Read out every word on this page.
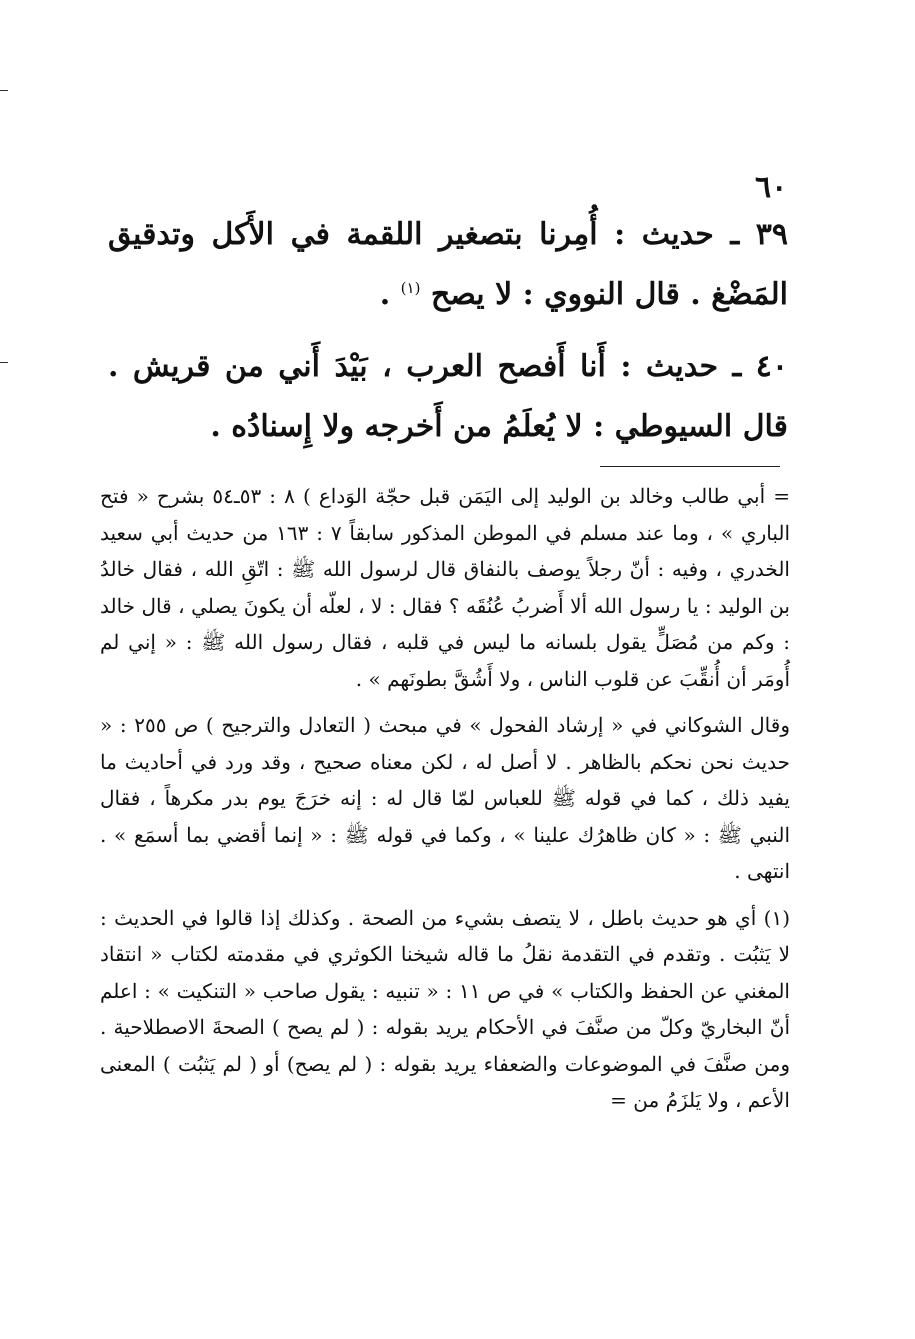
٦٠

٣٩ ـ حديث : أُمِرنا بتصغير اللقمة في الأَكل وتدقيق المَضْغ . قال النووي : لا يصح $^{(١)}$ .

٤٠ ـ حديث : أَنا أَفصح العرب ، بَيْدَ أَني من قريش . قال السيوطي : لا يُعلَمُ من أَخرجه ولا إِسنادُه .

= أبي طالب وخالد بن الوليد إلى اليَمَن قبل حجّة الوَداع ) ٨ : ٥٣ـ٥٤ بشرح « فتح الباري » ، وما عند مسلم في الموطن المذكور سابقاً ٧ : ١٦٣ من حديث أبي سعيد الخدري ، وفيه : أنّ رجلاً يوصف بالنفاق قال لرسول الله ﷺ : اتّقِ الله ، فقال خالدُ بن الوليد : يا رسول الله ألا أَضربُ عُنُقَه ؟ فقال : لا ، لعلّه أن يكونَ يصلي ، قال خالد : وكم من مُصَلٍّ يقول بلسانه ما ليس في قلبه ، فقال رسول الله ﷺ : « إني لم أُومَر أن أُنقِّبَ عن قلوب الناس ، ولا أَشُقَّ بطونَهم » .

وقال الشوكاني في « إرشاد الفحول » في مبحث ( التعادل والترجيح ) ص ٢٥٥ : « حديث نحن نحكم بالظاهر . لا أصل له ، لكن معناه صحيح ، وقد ورد في أحاديث ما يفيد ذلك ، كما في قوله ﷺ للعباس لمّا قال له : إنه خرَجَ يوم بدر مكرهاً ، فقال النبي ﷺ : « كان ظاهرُك علينا » ، وكما في قوله ﷺ : « إنما أقضي بما أسمَع » . انتهى .

(١) أي هو حديث باطل ، لا يتصف بشيء من الصحة . وكذلك إذا قالوا في الحديث : لا يَثبُت . وتقدم في التقدمة نقلُ ما قاله شيخنا الكوثري في مقدمته لكتاب « انتقاد المغني عن الحفظ والكتاب » في ص ١١ : « تنبيه : يقول صاحب « التنكيت » : اعلم أنّ البخاريّ وكلّ من صنَّفَ في الأحكام يريد بقوله : ( لم يصح ) الصحةَ الاصطلاحية . ومن صنَّفَ في الموضوعات والضعفاء يريد بقوله : ( لم يصح) أو ( لم يَثبُت ) المعنى الأعم ، ولا يَلزَمُ من =
